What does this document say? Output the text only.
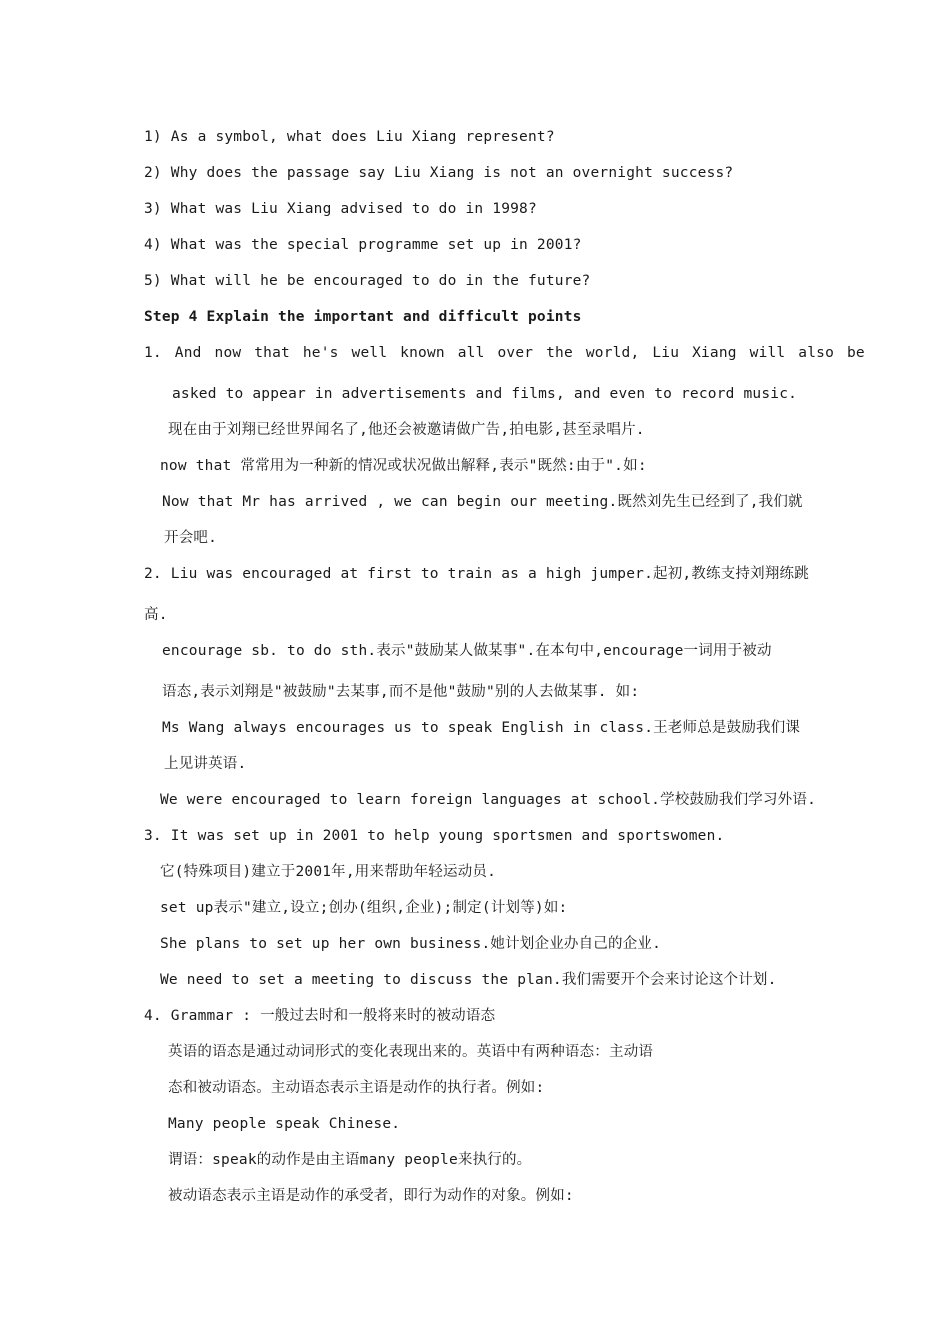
1) As a symbol, what does Liu Xiang represent?
2) Why does the passage say Liu Xiang is not an overnight success?
3) What was Liu Xiang advised to do in 1998?
4) What was the special programme set up in 2001?
5) What will he be encouraged to do in the future?
Step 4 Explain the important and difficult points
1. And now that he's well known all over the world, Liu Xiang will also be
asked to appear in advertisements and films, and even to record music.
现在由于刘翔已经世界闻名了,他还会被邀请做广告,拍电影,甚至录唱片.
now that 常常用为一种新的情况或状况做出解释,表示"既然:由于".如:
Now that Mr has arrived , we can begin our meeting.既然刘先生已经到了,我们就
开会吧.
2. Liu was encouraged at first to train as a high jumper.起初,教练支持刘翔练跳
高.
encourage sb. to do sth.表示"鼓励某人做某事".在本句中,encourage一词用于被动
语态,表示刘翔是"被鼓励"去某事,而不是他"鼓励"别的人去做某事. 如:
Ms Wang always encourages us to speak English in class.王老师总是鼓励我们课
上见讲英语.
We were encouraged to learn foreign languages at school.学校鼓励我们学习外语.
3. It was set up in 2001 to help young sportsmen and sportswomen.
它(特殊项目)建立于2001年,用来帮助年轻运动员.
set up表示"建立,设立;创办(组织,企业);制定(计划等)如:
She plans to set up her own business.她计划企业办自己的企业.
We need to set a meeting to discuss the plan.我们需要开个会来讨论这个计划.
4. Grammar : 一般过去时和一般将来时的被动语态
英语的语态是通过动词形式的变化表现出来的。英语中有两种语态：主动语
态和被动语态。主动语态表示主语是动作的执行者。例如:
Many people speak Chinese.
谓语：speak的动作是由主语many people来执行的。
被动语态表示主语是动作的承受者，即行为动作的对象。例如:
